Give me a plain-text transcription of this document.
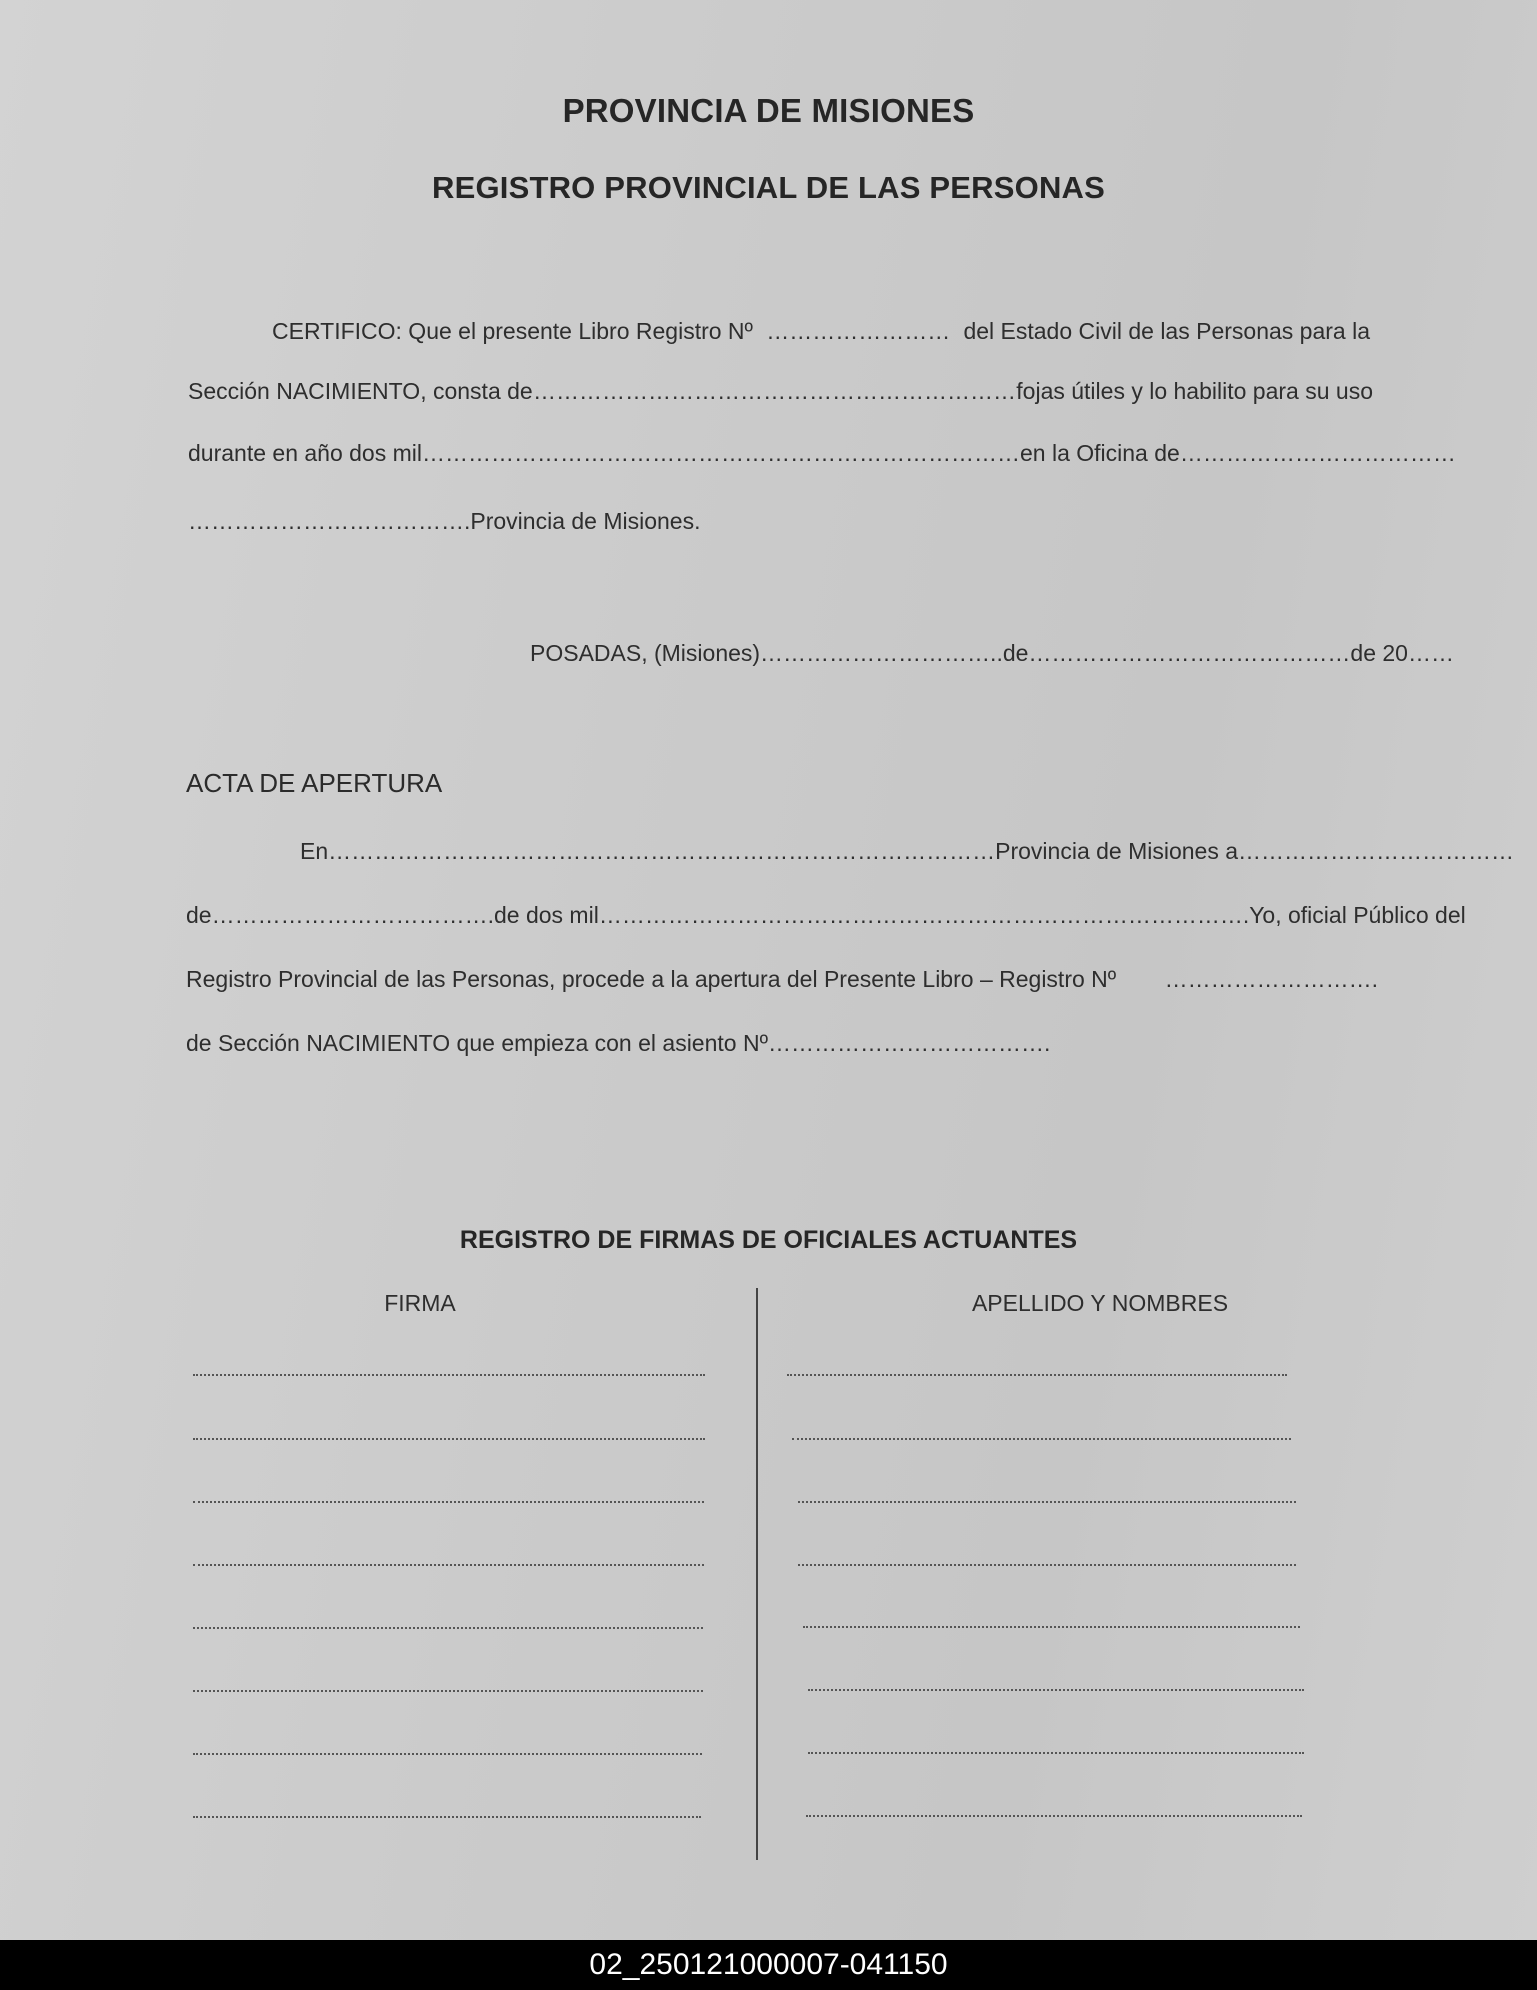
PROVINCIA DE MISIONES
REGISTRO PROVINCIAL DE LAS PERSONAS
CERTIFICO: Que el presente Libro Registro Nº …………………… del Estado Civil de las Personas para la
Sección NACIMIENTO, consta de ……………………………………………………… fojas útiles y lo habilito para su uso
durante en año dos mil …………………………………………………………………… en la Oficina de ………………………………
……………………………….Provincia de Misiones.
POSADAS, (Misiones)…………………………..de……………………………………de 20……
ACTA DE APERTURA
En …………………………………………………………………………… Provincia de Misiones a ………………………………
de ……………………………….de dos mil …………………………………………………………………………. Yo, oficial Público del
Registro Provincial de las Personas, procede a la apertura del Presente Libro – Registro Nº ……………………….
de Sección NACIMIENTO que empieza con el asiento Nº……………………………….
REGISTRO DE FIRMAS DE OFICIALES ACTUANTES
FIRMA	APELLIDO Y NOMBRES
02_250121000007-041150
